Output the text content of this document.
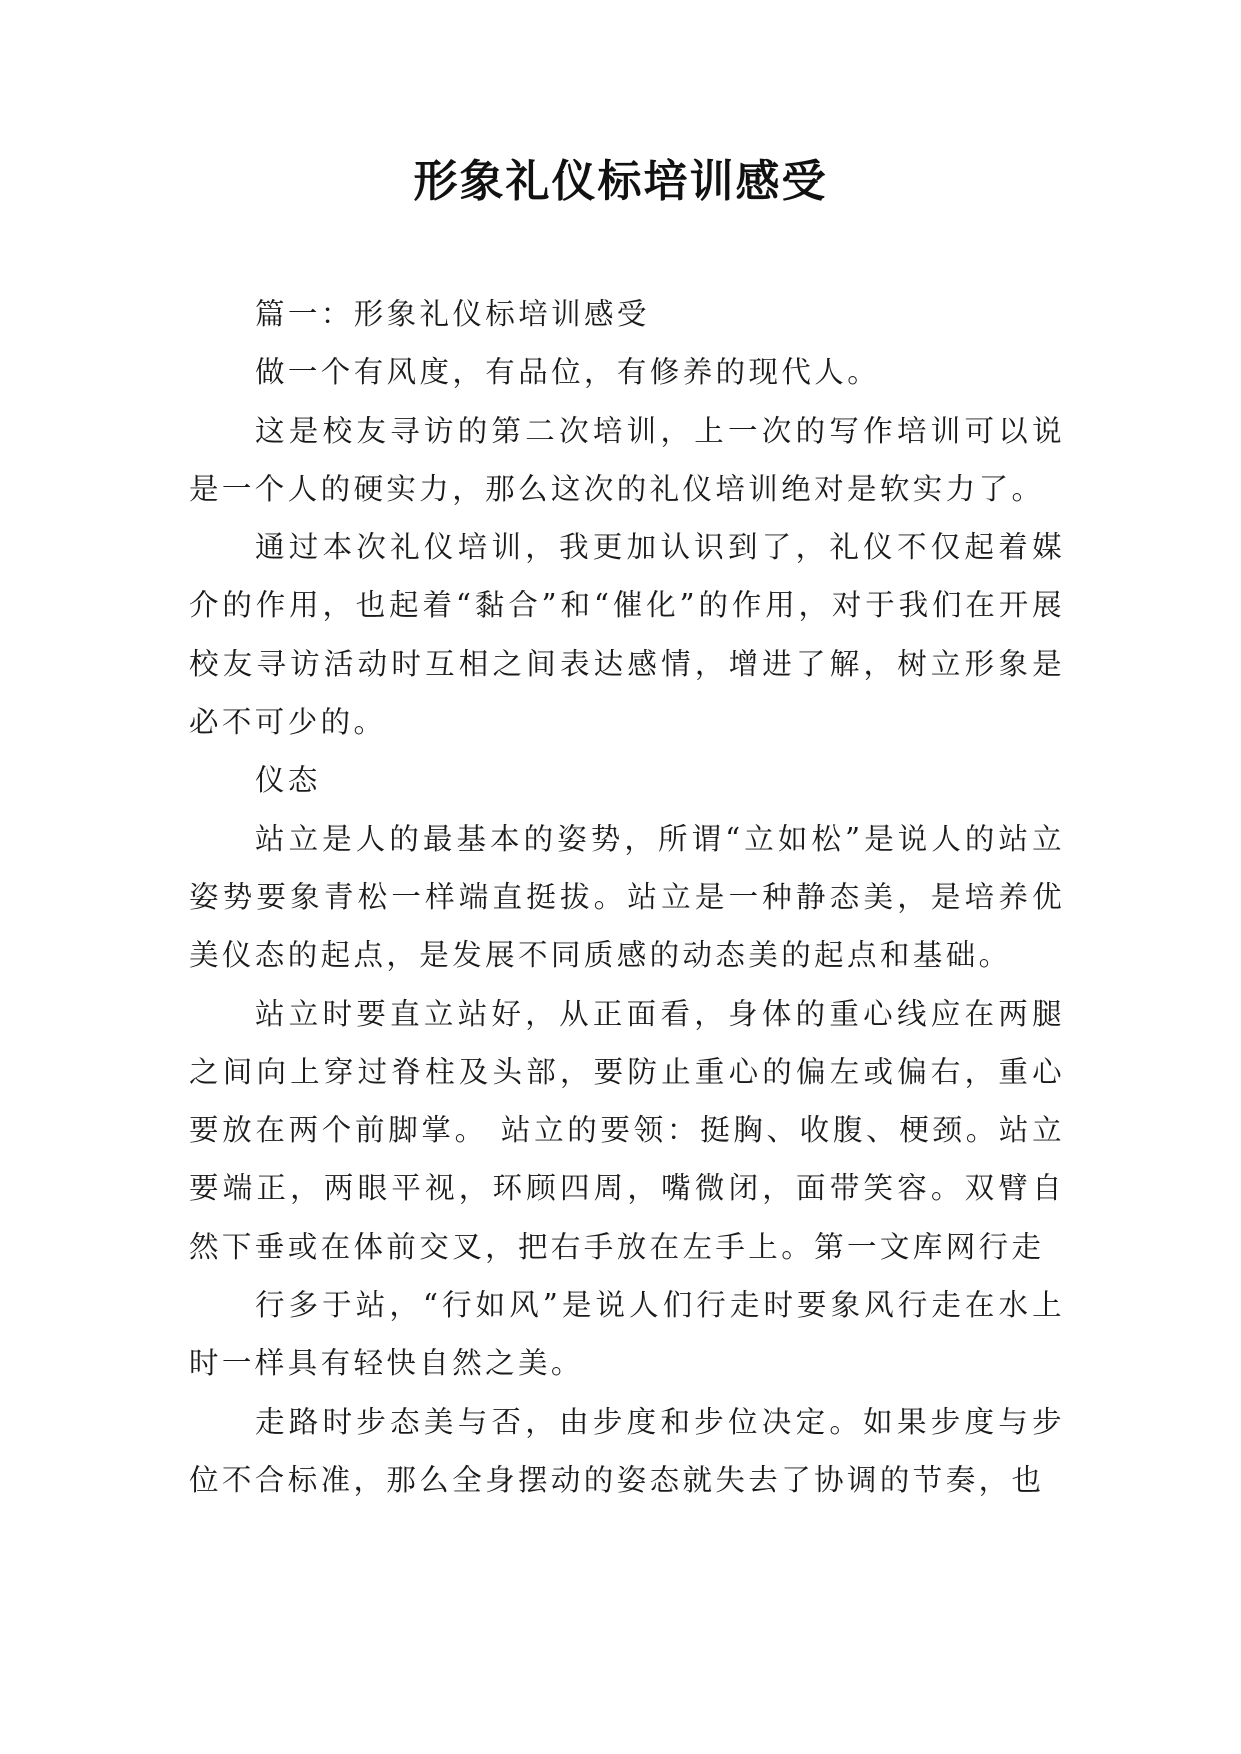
形象礼仪标培训感受

篇一：形象礼仪标培训感受

做一个有风度，有品位，有修养的现代人。

这是校友寻访的第二次培训，上一次的写作培训可以说是一个人的硬实力，那么这次的礼仪培训绝对是软实力了。

通过本次礼仪培训，我更加认识到了，礼仪不仅起着媒介的作用，也起着“黏合”和“催化”的作用，对于我们在开展校友寻访活动时互相之间表达感情，增进了解，树立形象是必不可少的。

仪态

站立是人的最基本的姿势，所谓“立如松”是说人的站立姿势要象青松一样端直挺拔。站立是一种静态美，是培养优美仪态的起点，是发展不同质感的动态美的起点和基础。

站立时要直立站好，从正面看，身体的重心线应在两腿之间向上穿过脊柱及头部，要防止重心的偏左或偏右，重心要放在两个前脚掌。 站立的要领：挺胸、收腹、梗颈。站立要端正，两眼平视，环顾四周，嘴微闭，面带笑容。双臂自然下垂或在体前交叉，把右手放在左手上。第一文库网行走

行多于站，“行如风”是说人们行走时要象风行走在水上时一样具有轻快自然之美。

走路时步态美与否，由步度和步位决定。如果步度与步位不合标准，那么全身摆动的姿态就失去了协调的节奏，也
